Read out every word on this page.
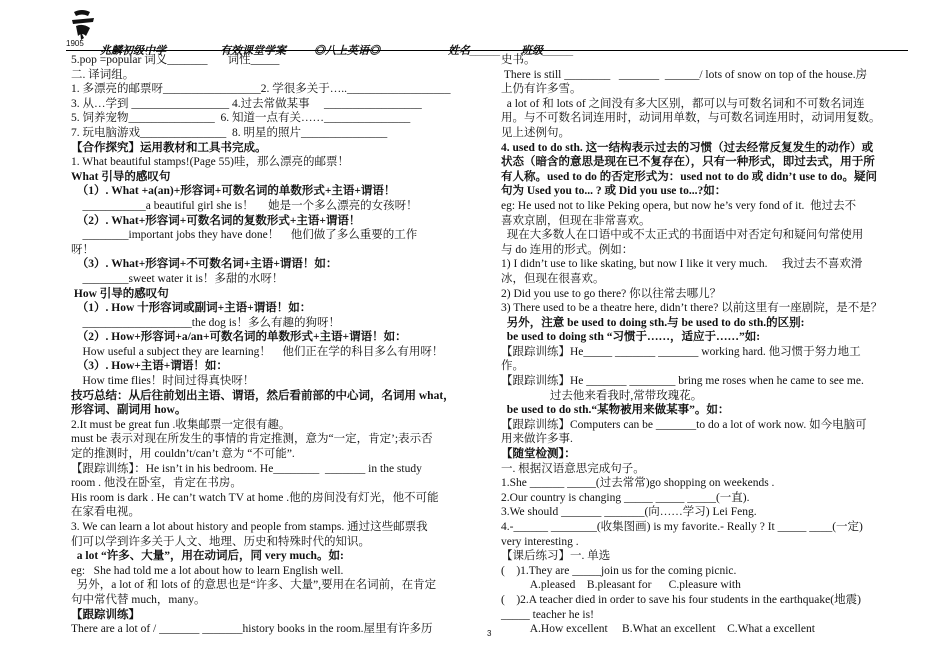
1905
兆麟初级中学	有效课堂学案	◎八上英语◎	姓名_____ 班级_____
5.pop =popular 词义_______       词性_____
二. 译词组。
1. 多漂亮的邮票呀_________________2. 学很多关于…..__________________
3. 从…学到 _________________ 4.过去常做某事     _________________
5. 饲养宠物_______________  6. 知道一点有关……_______________
7. 玩电脑游戏_______________  8. 明星的照片_______________
【合作探究】运用教材和工具书完成。
1. What beautiful stamps!(Page 55)哇，那么漂亮的邮票！
What 引导的感叹句
（1）. What +a(an)+形容词+可数名词的单数形式+主语+谓语！
___________a beautiful girl she is！     她是一个多么漂亮的女孩呀！
（2）. What+形容词+可数名词的复数形式+主语+谓语！
________important jobs they have done！    他们做了多么重要的工作
呀！
（3）. What+形容词+不可数名词+主语+谓语！如：
________sweet water it is！多甜的水呀！
How 引导的感叹句
（1）. How 十形容词或副词+主语+谓语！如：
___________________the dog is！多么有趣的狗呀！
（2）. How+形容词+a/an+可数名词的单数形式+主语+谓语！如：
How useful a subject they are learning！    他们正在学的科目多么有用呀！
（3）. How+主语+谓语！如：
How time flies！时间过得真快呀！
技巧总结：从后往前划出主语、谓语，然后看前部的中心词，名词用 what，
形容词、副词用 how。
2.It must be great fun .收集邮票一定很有趣。
must be 表示对现在所发生的事情的肯定推测，意为“一定，肯定’;表示否
定的推测时，用 couldn’t/can’t 意为 “不可能”.
【跟踪训练】：He isn’t in his bedroom. He________  _______ in the study
room . 他没在卧室，肯定在书房。
His room is dark . He can’t watch TV at home .他的房间没有灯光，他不可能
在家看电视。
3. We can learn a lot about history and people from stamps. 通过这些邮票我
们可以学到许多关于人文、地理、历史和特殊时代的知识。
a lot “许多、大量”，用在动词后，同 very much。如:
eg:   She had told me a lot about how to learn English well.
另外，a lot of 和 lots of 的意思也是“许多、大量”,要用在名词前，在肯定
句中常代替 much，many。
【跟踪训练】
There are a lot of / _______ _______history books in the room.屋里有许多历
史书。
There is still ________   _______  ______/ lots of snow on top of the house.房
上仍有许多雪。
a lot of 和 lots of 之间没有多大区别，都可以与可数名词和不可数名词连
用。与不可数名词连用时，动词用单数，与可数名词连用时，动词用复数。
见上述例句。
4. used to do sth. 这一结构表示过去的习惯（过去经常反复发生的动作）或
状态（暗含的意思是现在已不复存在），只有一种形式，即过去式，用于所
有人称。used to do 的否定形式为：used not to do 或 didn’t use to do。疑问
句为 Used you to... ? 或 Did you use to...?如：
eg: He used not to like Peking opera, but now he’s very fond of it.  他过去不
喜欢京剧，但现在非常喜欢。
现在大多数人在口语中或不太正式的书面语中对否定句和疑问句常使用
与 do 连用的形式。例如：
1) I didn’t use to like skating, but now I like it very much.     我过去不喜欢滑
冰，但现在很喜欢。
2) Did you use to go there? 你以往常去哪儿？
3) There used to be a theatre here, didn’t there? 以前这里有一座剧院，是不是？
另外，注意 be used to doing sth.与 be used to do sth.的区别:
be used to doing sth “习惯于……，适应于……”如:
【跟踪训练】He_____ _______ _______ working hard. 他习惯于努力地工
作。
【跟踪训练】He _______ ________ bring me roses when he came to see me.
过去他来看我时,常带玫瑰花。
be used to do sth.“某物被用来做某事”。如：
【跟踪训练】Computers can be _______to do a lot of work now. 如今电脑可
用来做许多事.
【随堂检测】：
一. 根据汉语意思完成句子。
1.She ______ _____(过去常常)go shopping on weekends .
2.Our country is changing _____ _____ _____(一直).
3.We should _______ _______(向……学习) Lei Feng.
4.-______ ________(收集图画) is my favorite.- Really ? It _____ ____(一定)
very interesting .
【课后练习】一. 单选
(    )1.They are _____join us for the coming picnic.
A.pleased    B.pleasant for      C.pleasure with
(    )2.A teacher died in order to save his four students in the earthquake(地震)
_____ teacher he is!
A.How excellent     B.What an excellent    C.What a excellent
3
